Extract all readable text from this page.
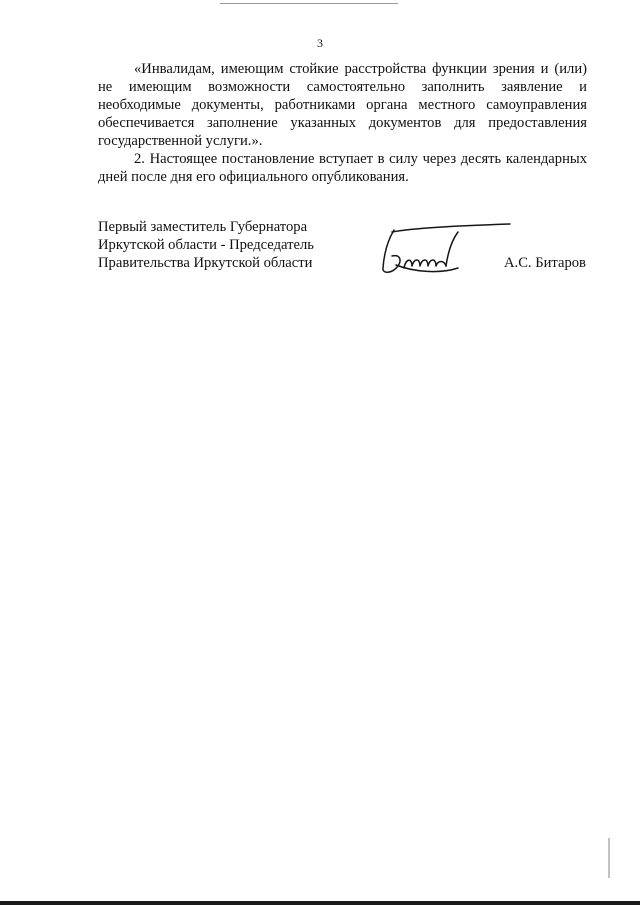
3

«Инвалидам, имеющим стойкие расстройства функции зрения и (или) не имеющим возможности самостоятельно заполнить заявление и необходимые документы, работниками органа местного самоуправления обеспечивается заполнение указанных документов для предоставления государственной услуги.».

2. Настоящее постановление вступает в силу через десять календарных дней после дня его официального опубликования.

Первый заместитель Губернатора
Иркутской области - Председатель
Правительства Иркутской области	А.С. Битаров
